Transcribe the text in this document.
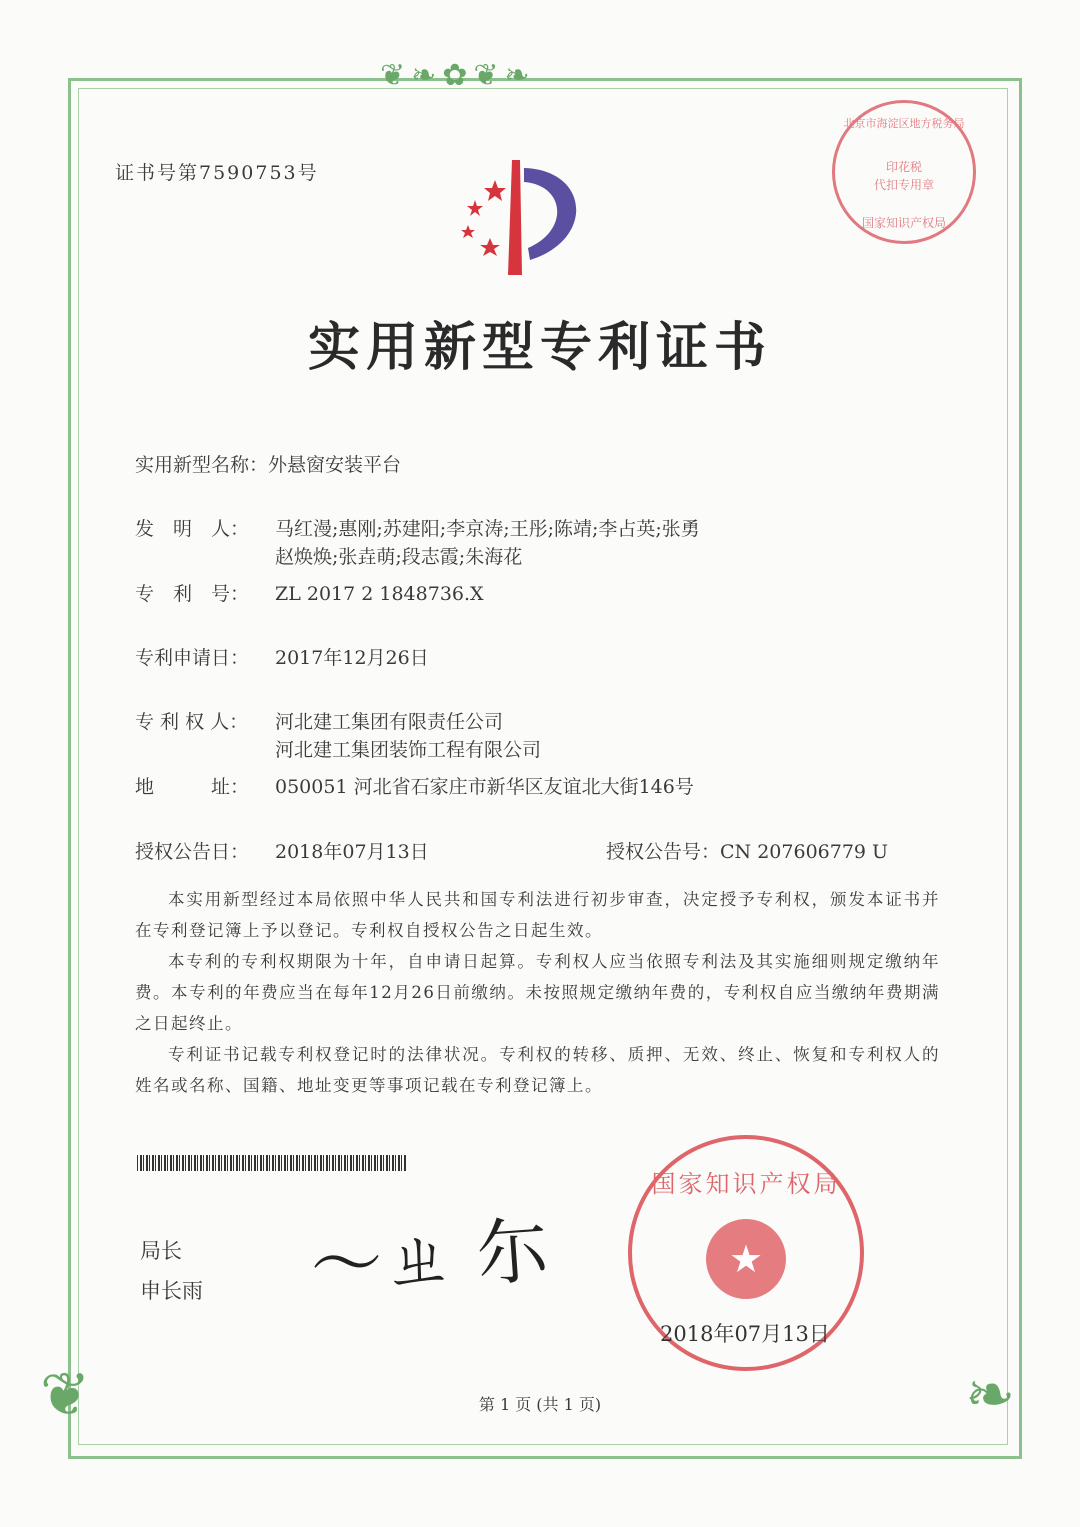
❦❧✿❦❧
❦	❧
证书号第7590753号
北京市海淀区地方税务局
印花税
代扣专用章
国家知识产权局
实用新型专利证书
实用新型名称：外悬窗安装平台
发　明　人： 马红漫;惠刚;苏建阳;李京涛;王彤;陈靖;李占英;张勇
赵焕焕;张垚萌;段志霞;朱海花
专　利　号： ZL 2017 2 1848736.X
专利申请日： 2017年12月26日
专 利 权 人： 河北建工集团有限责任公司
河北建工集团装饰工程有限公司
地　　　址： 050051 河北省石家庄市新华区友谊北大街146号
授权公告日： 2018年07月13日	授权公告号：CN 207606779 U

本实用新型经过本局依照中华人民共和国专利法进行初步审查，决定授予专利权，颁发本证书并在专利登记簿上予以登记。专利权自授权公告之日起生效。

本专利的专利权期限为十年，自申请日起算。专利权人应当依照专利法及其实施细则规定缴纳年费。本专利的年费应当在每年12月26日前缴纳。未按照规定缴纳年费的，专利权自应当缴纳年费期满之日起终止。

专利证书记载专利权登记时的法律状况。专利权的转移、质押、无效、终止、恢复和专利权人的姓名或名称、国籍、地址变更等事项记载在专利登记簿上。

局长
申长雨 〜ㄓ 尓	★
国家知识产权局
2018年07月13日
第 1 页 (共 1 页)
